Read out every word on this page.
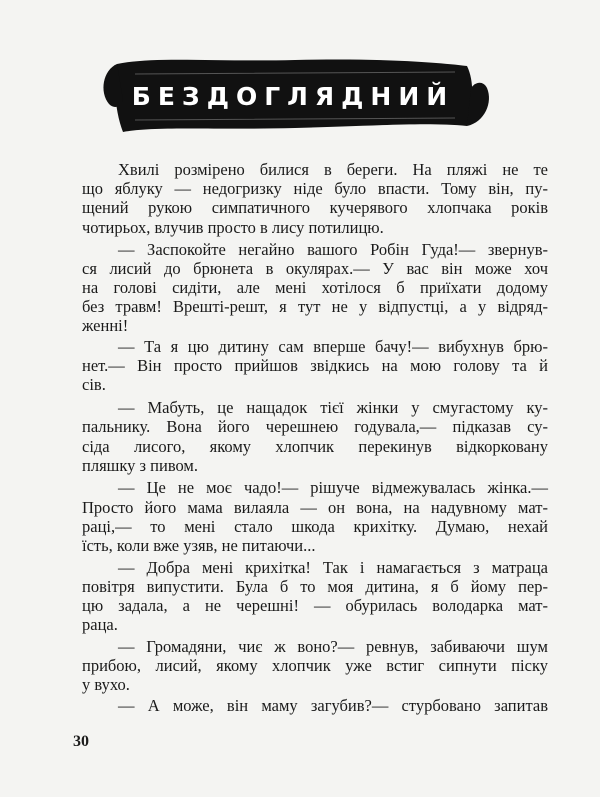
БЕЗДОГЛЯДНИЙ
Хвилі розмірено билися в береги. На пляжі не те
що яблуку — недогризку ніде було впасти. Тому він, пу-
щений рукою симпатичного кучерявого хлопчака років
чотирьох, влучив просто в лису потилицю.
— Заспокойте негайно вашого Робін Гуда!— звернув-
ся лисий до брюнета в окулярах.— У вас він може хоч
на голові сидіти, але мені хотілося б приїхати додому
без травм! Врешті-решт, я тут не у відпустці, а у відряд-
женні!
— Та я цю дитину сам вперше бачу!— вибухнув брю-
нет.— Він просто прийшов звідкись на мою голову та й
сів.
— Мабуть, це нащадок тієї жінки у смугастому ку-
пальнику. Вона його черешнею годувала,— підказав су-
сіда лисого, якому хлопчик перекинув відкорковану
пляшку з пивом.
— Це не моє чадо!— рішуче відмежувалась жінка.—
Просто його мама вилаяла — он вона, на надувному мат-
раці,— то мені стало шкода крихітку. Думаю, нехай
їсть, коли вже узяв, не питаючи...
— Добра мені крихітка! Так і намагається з матраца
повітря випустити. Була б то моя дитина, я б йому пер-
цю задала, а не черешні! — обурилась володарка мат-
раца.
— Громадяни, чиє ж воно?— ревнув, забиваючи шум
прибою, лисий, якому хлопчик уже встиг сипнути піску
у вухо.
— А може, він маму загубив?— стурбовано запитав
30
